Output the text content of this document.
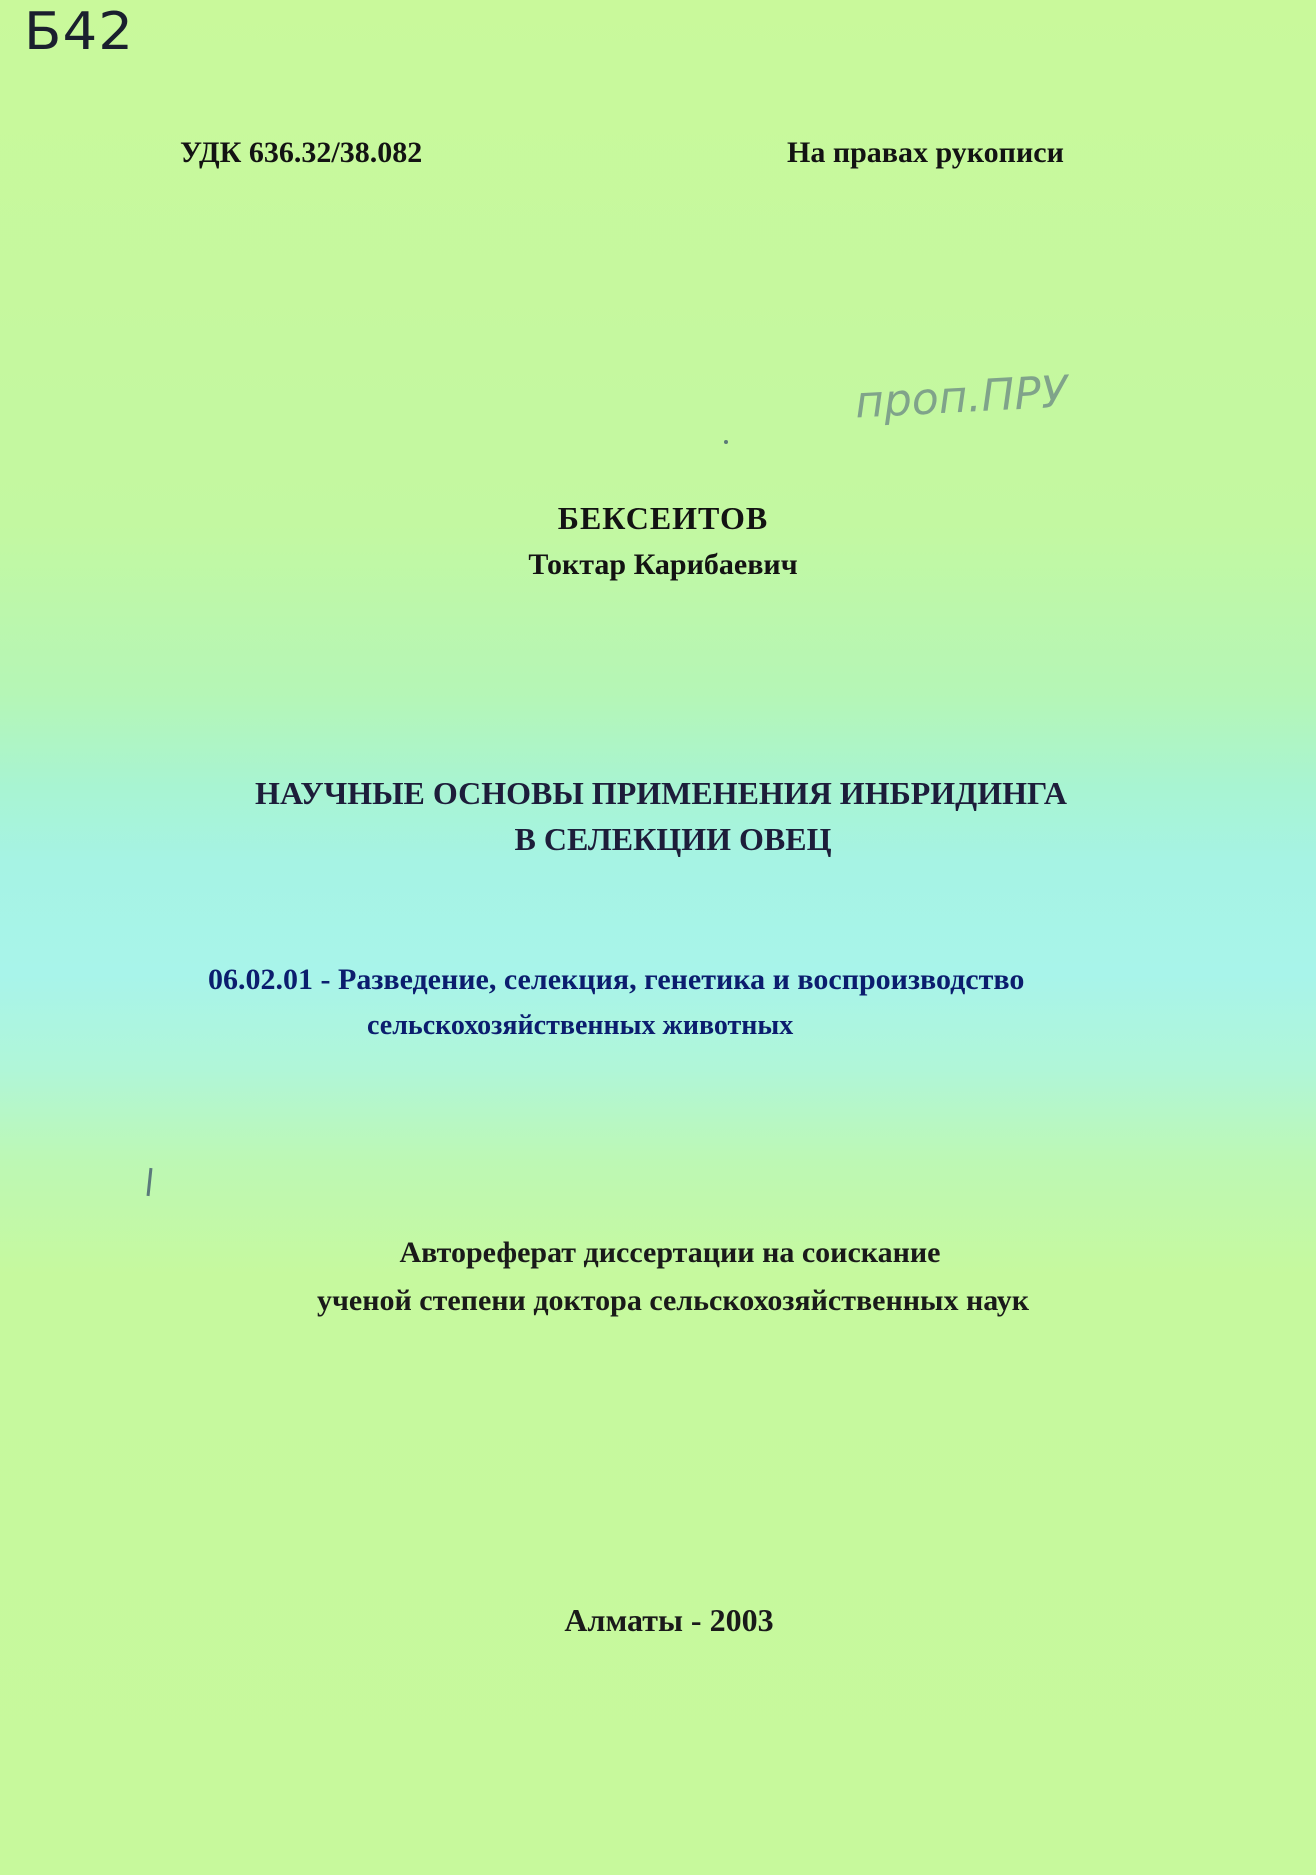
Б42
проп.ПРУ
УДК 636.32/38.082	На правах рукописи
БЕКСЕИТОВ
Токтар Карибаевич
НАУЧНЫЕ ОСНОВЫ ПРИМЕНЕНИЯ ИНБРИДИНГА
В СЕЛЕКЦИИ ОВЕЦ
06.02.01 - Разведение, селекция, генетика и воспроизводство
сельскохозяйственных животных
Автореферат диссертации на соискание
ученой степени доктора сельскохозяйственных наук
Алматы - 2003
